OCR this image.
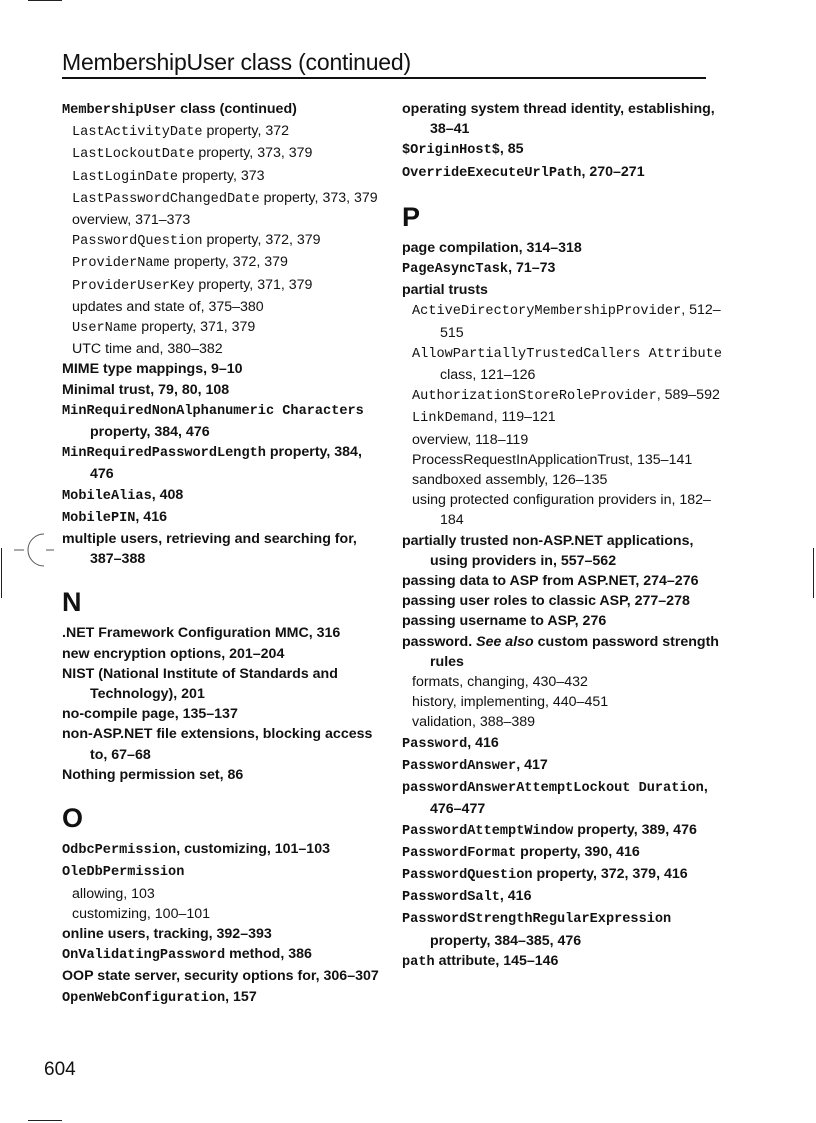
MembershipUser class (continued)

MembershipUser class (continued)

LastActivityDate property, 372

LastLockoutDate property, 373, 379

LastLoginDate property, 373

LastPasswordChangedDate property, 373, 379

overview, 371–373

PasswordQuestion property, 372, 379

ProviderName property, 372, 379

ProviderUserKey property, 371, 379

updates and state of, 375–380

UserName property, 371, 379

UTC time and, 380–382

MIME type mappings, 9–10

Minimal trust, 79, 80, 108

MinRequiredNonAlphanumeric Characters property, 384, 476

MinRequiredPasswordLength property, 384, 476

MobileAlias, 408

MobilePIN, 416

multiple users, retrieving and searching for, 387–388

N

.NET Framework Configuration MMC, 316

new encryption options, 201–204

NIST (National Institute of Standards and Technology), 201

no-compile page, 135–137

non-ASP.NET file extensions, blocking access to, 67–68

Nothing permission set, 86

O

OdbcPermission, customizing, 101–103

OleDbPermission

allowing, 103

customizing, 100–101

online users, tracking, 392–393

OnValidatingPassword method, 386

OOP state server, security options for, 306–307

OpenWebConfiguration, 157

operating system thread identity, establishing, 38–41

$OriginHost$, 85

OverrideExecuteUrlPath, 270–271

P

page compilation, 314–318

PageAsyncTask, 71–73

partial trusts

ActiveDirectoryMembershipProvider, 512–515

AllowPartiallyTrustedCallers Attribute class, 121–126

AuthorizationStoreRoleProvider, 589–592

LinkDemand, 119–121

overview, 118–119

ProcessRequestInApplicationTrust, 135–141

sandboxed assembly, 126–135

using protected configuration providers in, 182–184

partially trusted non-ASP.NET applications, using providers in, 557–562

passing data to ASP from ASP.NET, 274–276

passing user roles to classic ASP, 277–278

passing username to ASP, 276

password. See also custom password strength rules

formats, changing, 430–432

history, implementing, 440–451

validation, 388–389

Password, 416

PasswordAnswer, 417

passwordAnswerAttemptLockout Duration, 476–477

PasswordAttemptWindow property, 389, 476

PasswordFormat property, 390, 416

PasswordQuestion property, 372, 379, 416

PasswordSalt, 416

PasswordStrengthRegularExpression property, 384–385, 476

path attribute, 145–146

604
